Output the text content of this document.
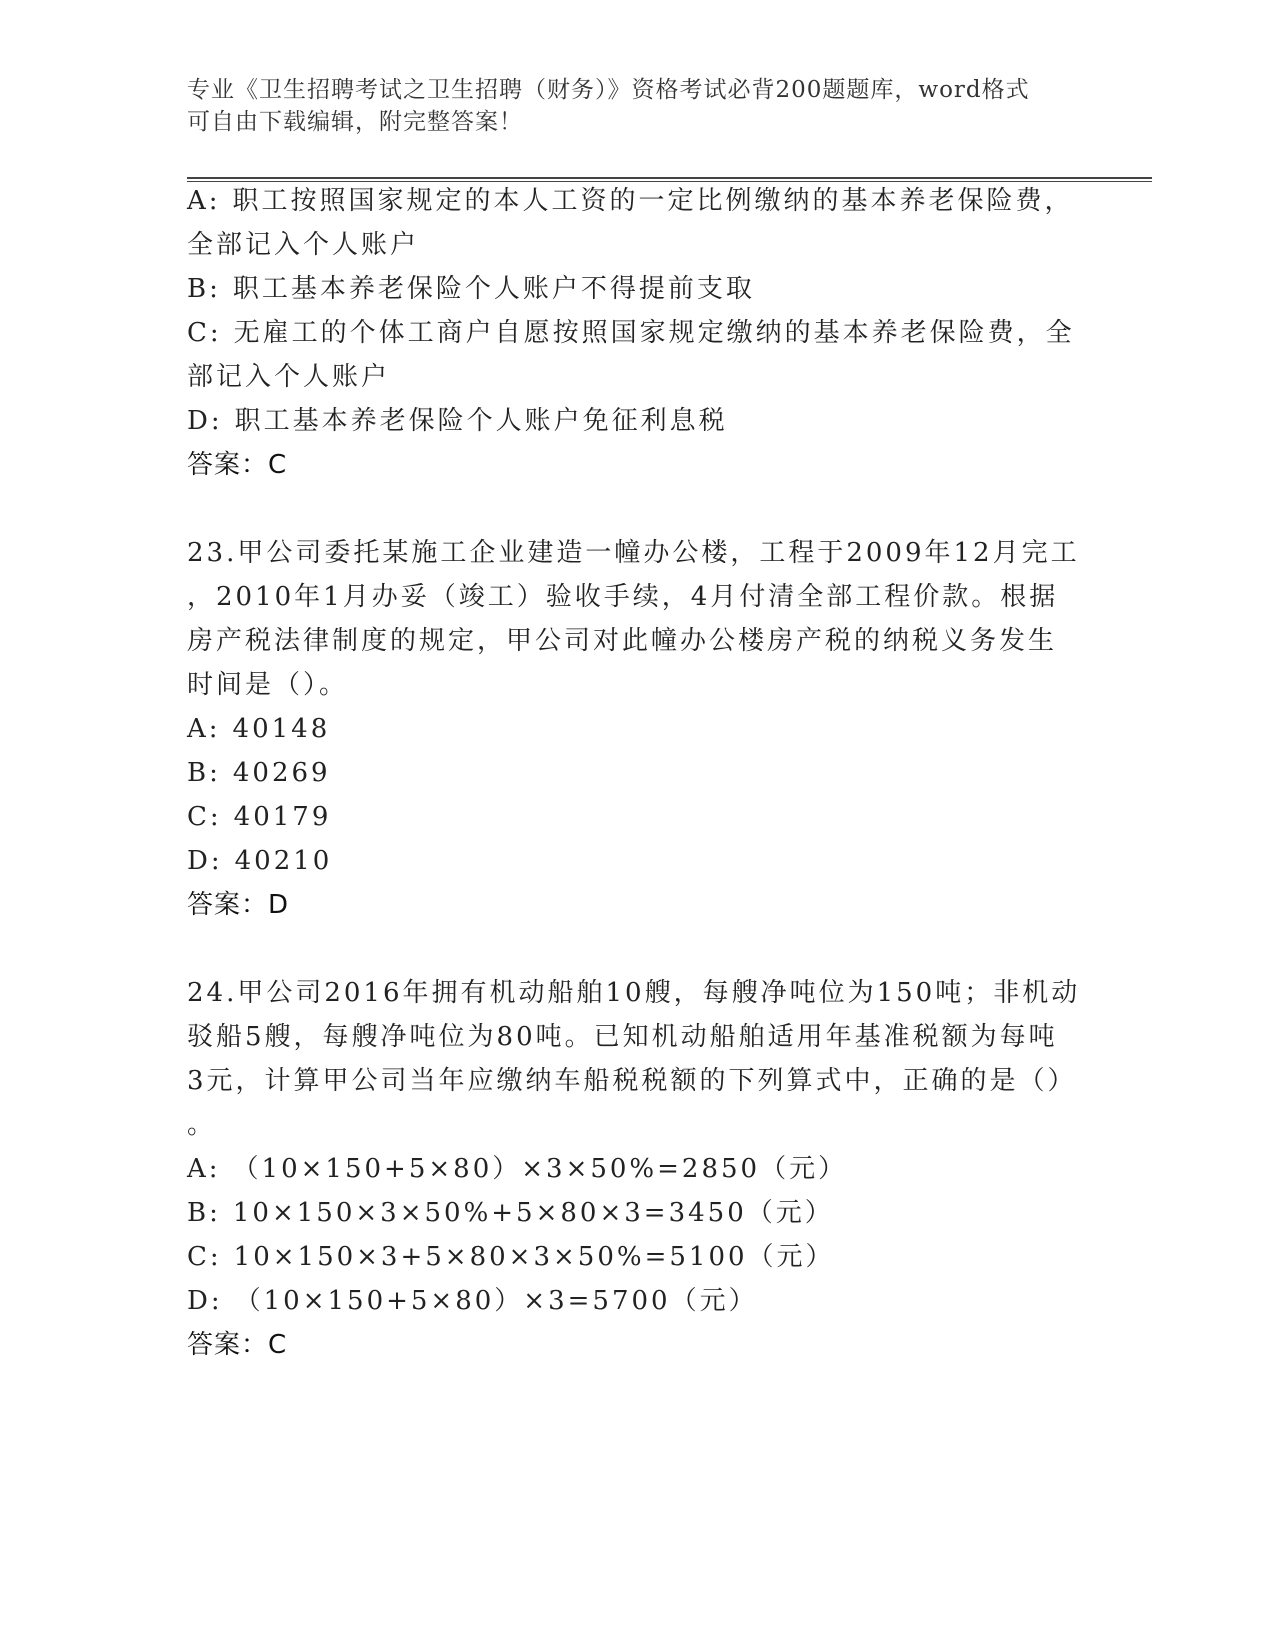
专业《卫生招聘考试之卫生招聘（财务）》资格考试必背200题题库，word格式
可自由下载编辑，附完整答案！
A: 职工按照国家规定的本人工资的一定比例缴纳的基本养老保险费，
全部记入个人账户
B: 职工基本养老保险个人账户不得提前支取
C: 无雇工的个体工商户自愿按照国家规定缴纳的基本养老保险费，全
部记入个人账户
D: 职工基本养老保险个人账户免征利息税
答案：C
23.甲公司委托某施工企业建造一幢办公楼，工程于2009年12月完工
，2010年1月办妥（竣工）验收手续，4月付清全部工程价款。根据
房产税法律制度的规定，甲公司对此幢办公楼房产税的纳税义务发生
时间是（）。
A: 40148
B: 40269
C: 40179
D: 40210
答案：D
24.甲公司2016年拥有机动船舶10艘，每艘净吨位为150吨；非机动
驳船5艘，每艘净吨位为80吨。已知机动船舶适用年基准税额为每吨
3元，计算甲公司当年应缴纳车船税税额的下列算式中，正确的是（）
。
A: （10×150+5×80）×3×50%=2850（元）
B: 10×150×3×50%+5×80×3=3450（元）
C: 10×150×3+5×80×3×50%=5100（元）
D: （10×150+5×80）×3=5700（元）
答案：C
